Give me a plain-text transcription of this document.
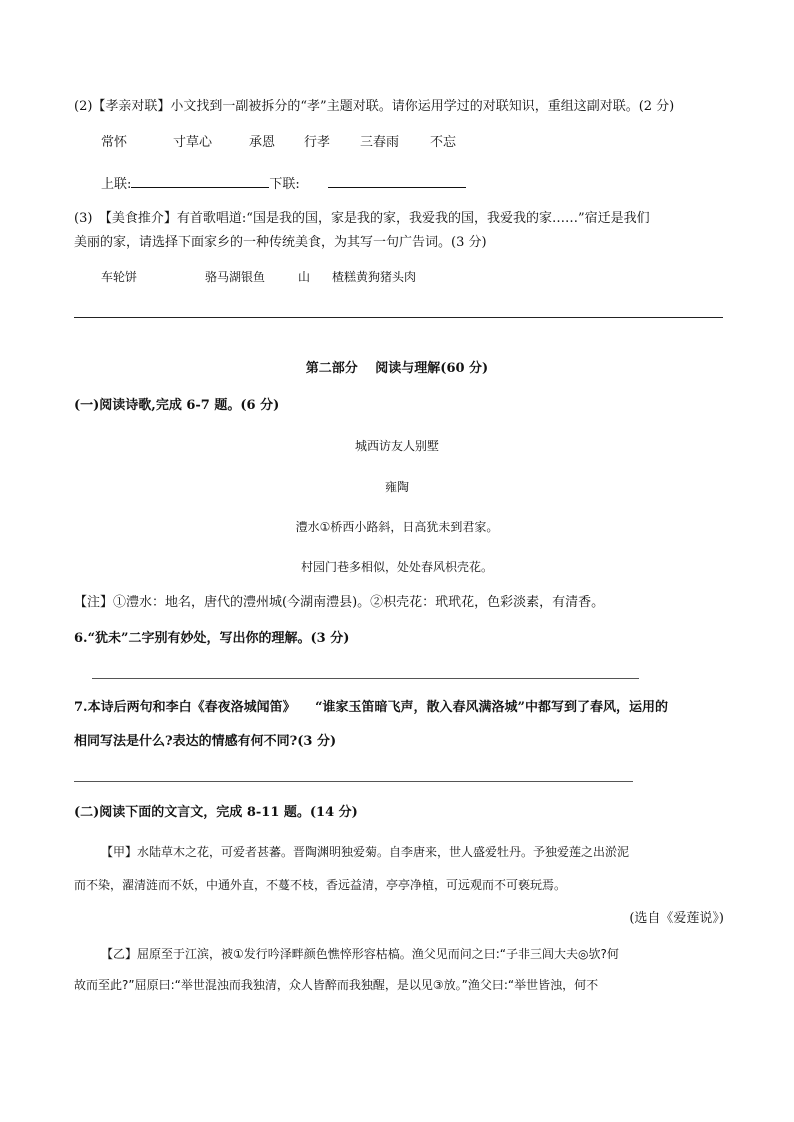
(2)【孝亲对联】小文找到一副被拆分的“孝”主题对联。请你运用学过的对联知识，重组这副对联。(2 分)
常怀	寸草心	承恩 行孝 三春雨 不忘
上联:	下联:
(3)　【美食推介】有首歌唱道:“国是我的国，家是我的家，我爱我的国，我爱我的家……”宿迁是我们
美丽的家，请选择下面家乡的一种传统美食，为其写一句广告词。(3 分)
车轮饼	骆马湖银鱼	山 楂糕黄狗猪头肉
第二部分　 阅读与理解(60 分)
(一)阅读诗歌,完成 6-7 题。(6 分)
城西访友人别墅
雍陶
澧水①桥西小路斜，日高犹未到君家。
村园门巷多相似，处处春风枳壳花。
【注】①澧水：地名，唐代的澧州城(今湖南澧县)。②枳壳花：玳玳花，色彩淡素，有清香。
6.“犹未”二字别有妙处，写出你的理解。(3 分)
7.本诗后两句和李白《春夜洛城闻笛》　　“谁家玉笛暗飞声，散入春风满洛城”中都写到了春风，运用的
相同写法是什么?表达的情感有何不同?(3 分)
(二)阅读下面的文言文，完成 8-11 题。(14 分)
【甲】水陆草木之花，可爱者甚蕃。晋陶渊明独爱菊。自李唐来，世人盛爱牡丹。予独爱莲之出淤泥
而不染，濯清涟而不妖，中通外直，不蔓不枝，香远益清，亭亭净植，可远观而不可亵玩焉。
(选自《爱莲说》)
【乙】屈原至于江滨，被①发行吟泽畔颜色憔悴形容枯槁。渔父见而问之曰:“子非三闾大夫◎欤?何
故而至此?”屈原曰:“举世混浊而我独清，众人皆醉而我独醒，是以见③放。”渔父曰:“举世皆浊，何不
